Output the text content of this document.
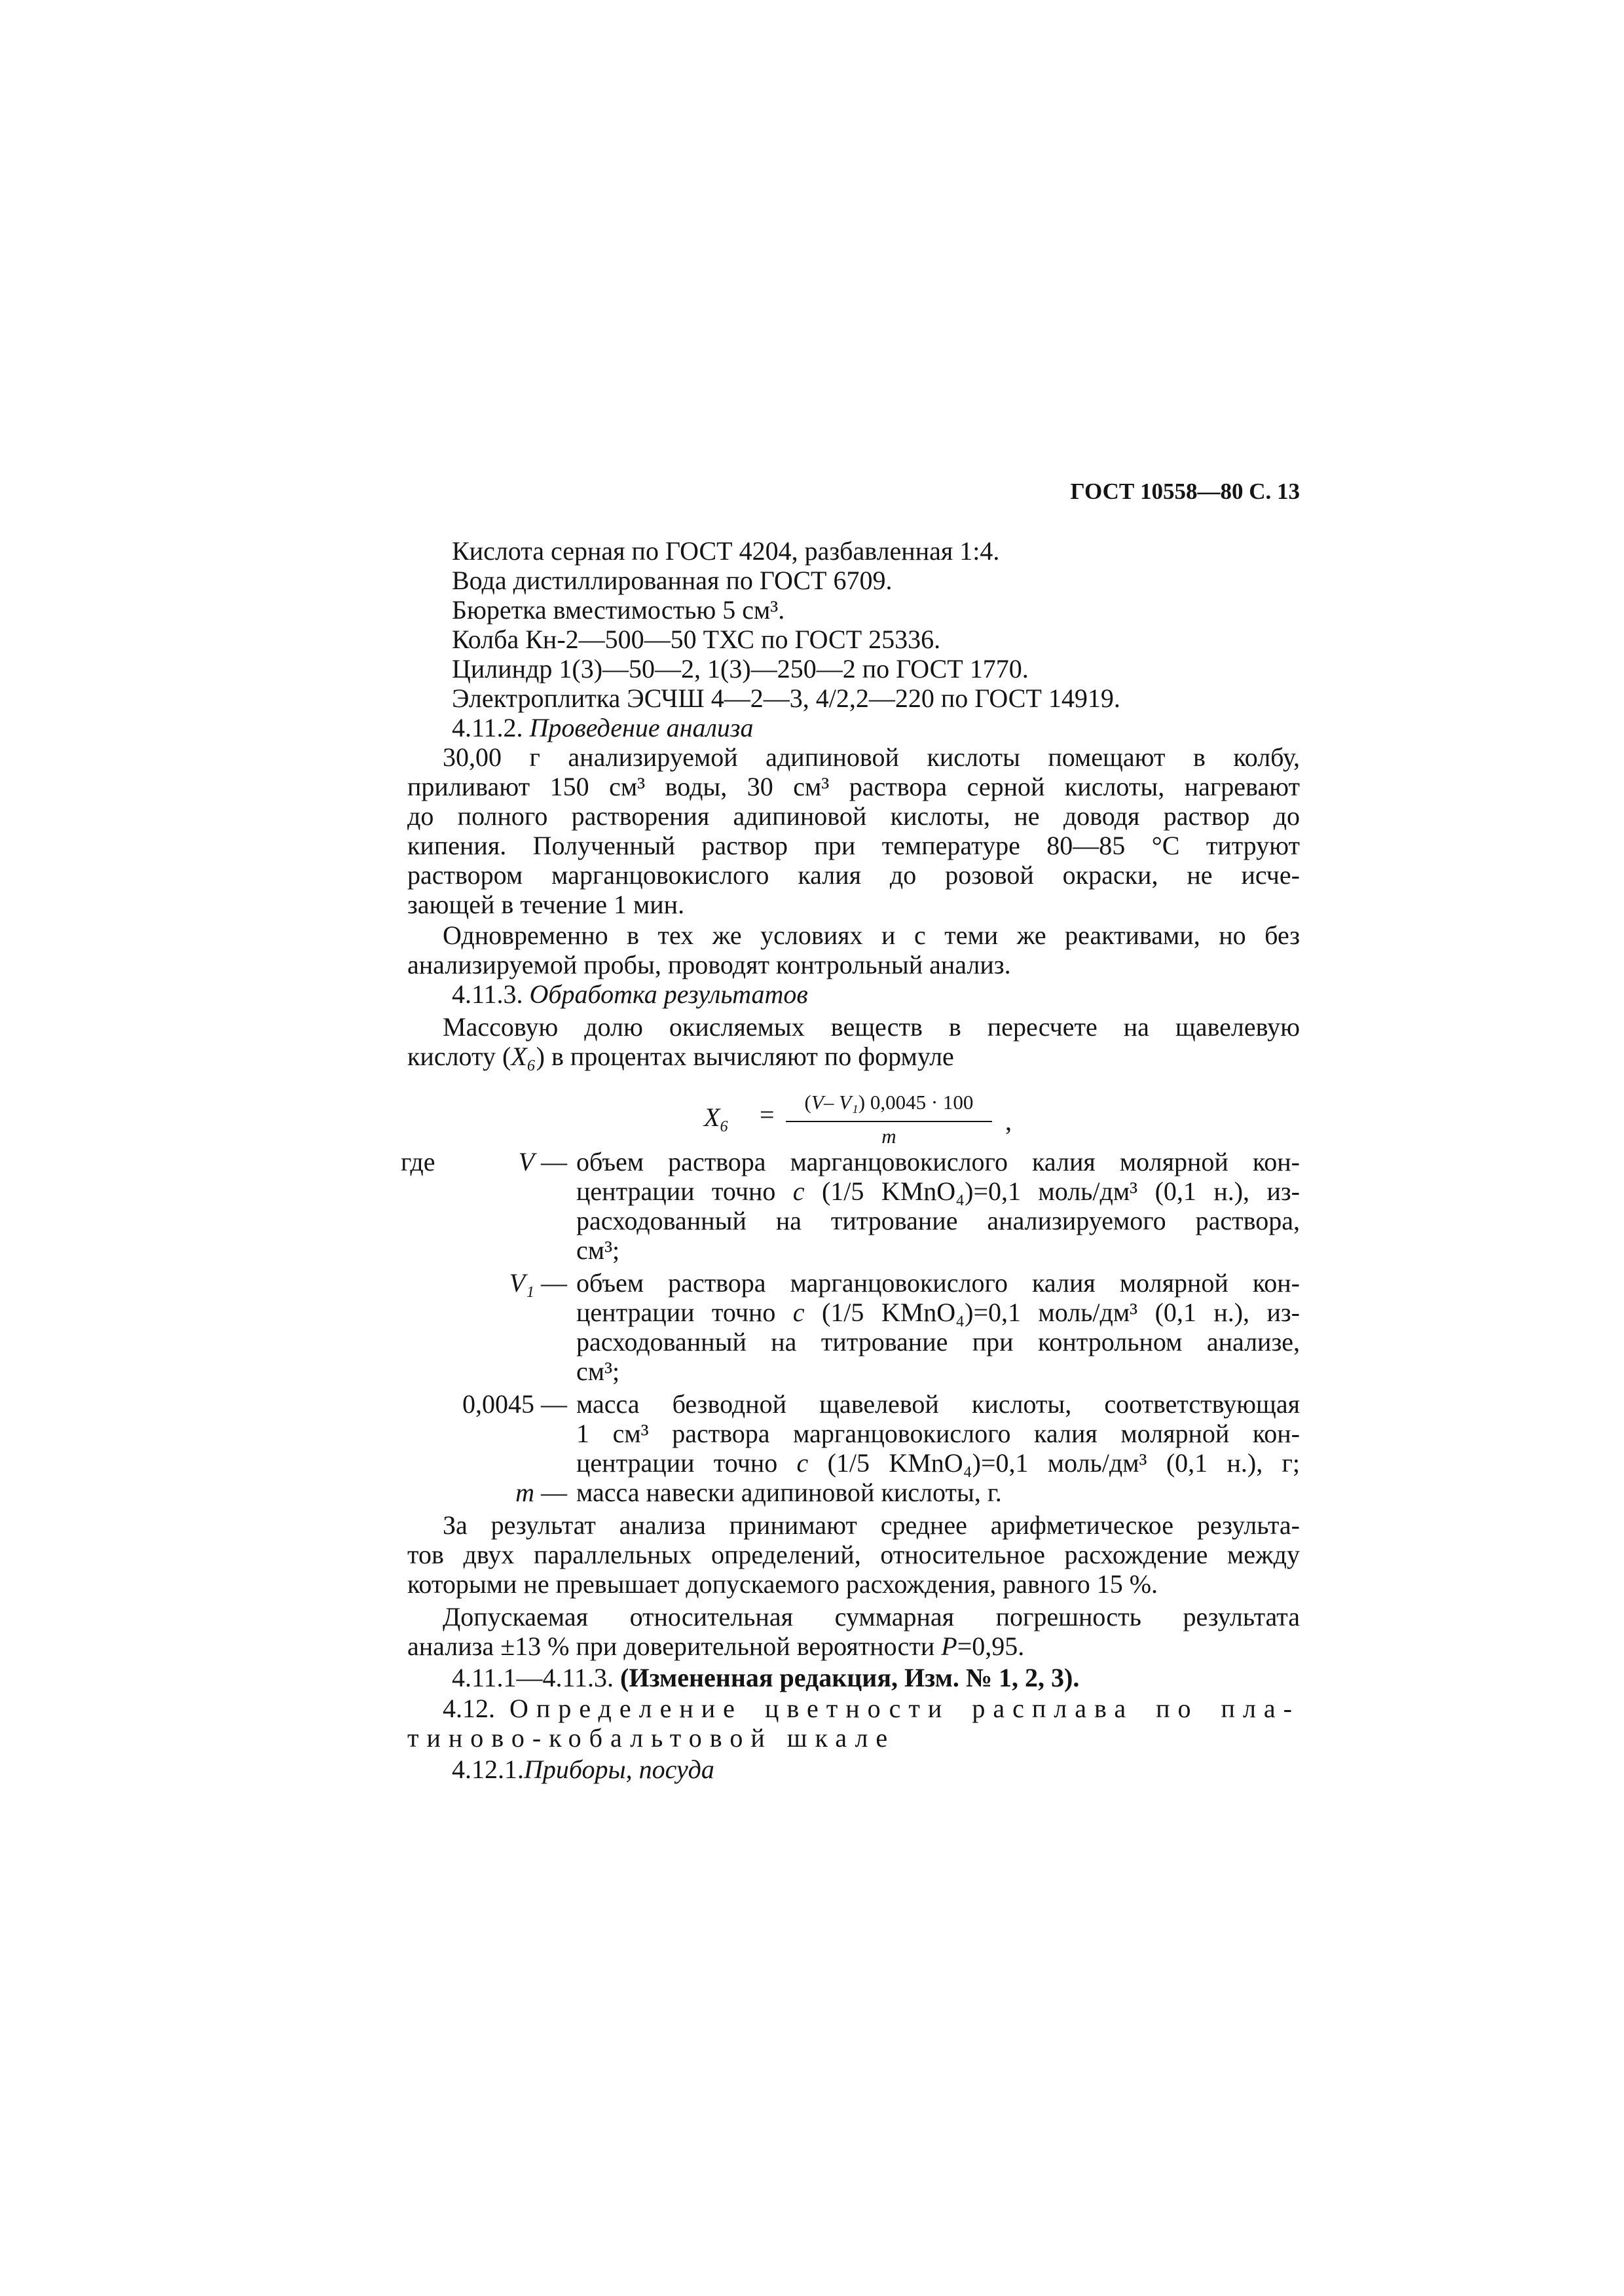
ГОСТ 10558—80 С. 13
Кислота серная по ГОСТ 4204, разбавленная 1:4.
Вода дистиллированная по ГОСТ 6709.
Бюретка вместимостью 5 см³.
Колба Кн-2—500—50 ТХС по ГОСТ 25336.
Цилиндр 1(3)—50—2, 1(3)—250—2 по ГОСТ 1770.
Электроплитка ЭСЧШ 4—2—3, 4/2,2—220 по ГОСТ 14919.
4.11.2. Проведение анализа
30,00 г анализируемой адипиновой кислоты помещают в колбу,
приливают 150 см³ воды, 30 см³ раствора серной кислоты, нагревают
до полного растворения адипиновой кислоты, не доводя раствор до
кипения. Полученный раствор при температуре 80—85 °С титруют
раствором марганцовокислого калия до розовой окраски, не исче-
зающей в течение 1 мин.
Одновременно в тех же условиях и с теми же реактивами, но без
анализируемой пробы, проводят контрольный анализ.
4.11.3. Обработка результатов
Массовую долю окисляемых веществ в пересчете на щавелевую
кислоту (X₆) в процентах вычисляют по формуле
X₆ =	(V– V₁) 0,0045 · 100
m
,
где	V — объем раствора марганцовокислого калия молярной кон-
центрации точно c (1/5 KMnO₄)=0,1 моль/дм³ (0,1 н.), из-
расходованный на титрование анализируемого раствора,
см³;
V₁ — объем раствора марганцовокислого калия молярной кон-
центрации точно c (1/5 KMnO₄)=0,1 моль/дм³ (0,1 н.), из-
расходованный на титрование при контрольном анализе,
см³;
0,0045 — масса безводной щавелевой кислоты, соответствующая
1 см³ раствора марганцовокислого калия молярной кон-
центрации точно c (1/5 KMnO₄)=0,1 моль/дм³ (0,1 н.), г;
m — масса навески адипиновой кислоты, г.
За результат анализа принимают среднее арифметическое результа-
тов двух параллельных определений, относительное расхождение между
которыми не превышает допускаемого расхождения, равного 15 %.
Допускаемая относительная суммарная погрешность результата
анализа ±13 % при доверительной вероятности P=0,95.
4.11.1—4.11.3. (Измененная редакция, Изм. № 1, 2, 3).
4.12. Определение цветности расплава по пла-
тиново-кобальтовой шкале
4.12.1.Приборы, посуда
